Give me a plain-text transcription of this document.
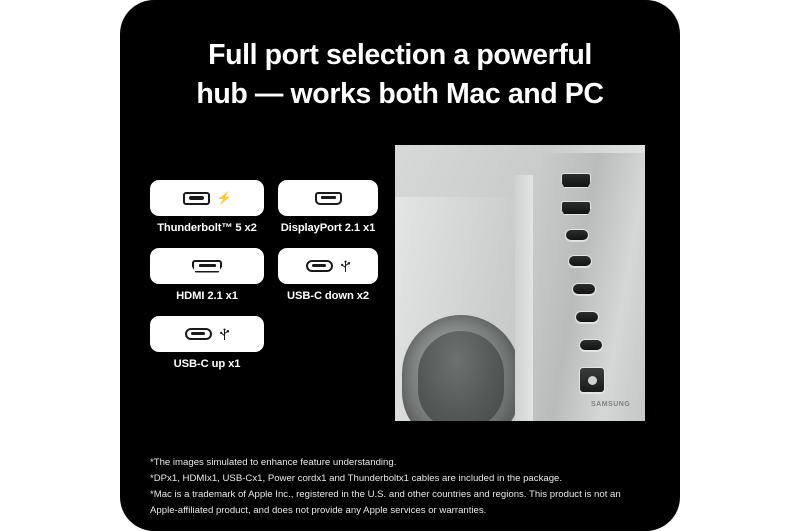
Full port selection a powerful
hub — works both Mac and PC
⚡
Thunderbolt™ 5 x2	DisplayPort 2.1 x1
HDMI 2.1 x1	USB-C down x2
USB-C up x1
SAMSUNG
*The images simulated to enhance feature understanding.
*DPx1, HDMIx1, USB-Cx1, Power cordx1 and Thunderboltx1 cables are included in the package.
*Mac is a trademark of Apple Inc., registered in the U.S. and other countries and regions. This product is not an
Apple-affiliated product, and does not provide any Apple services or warranties.
